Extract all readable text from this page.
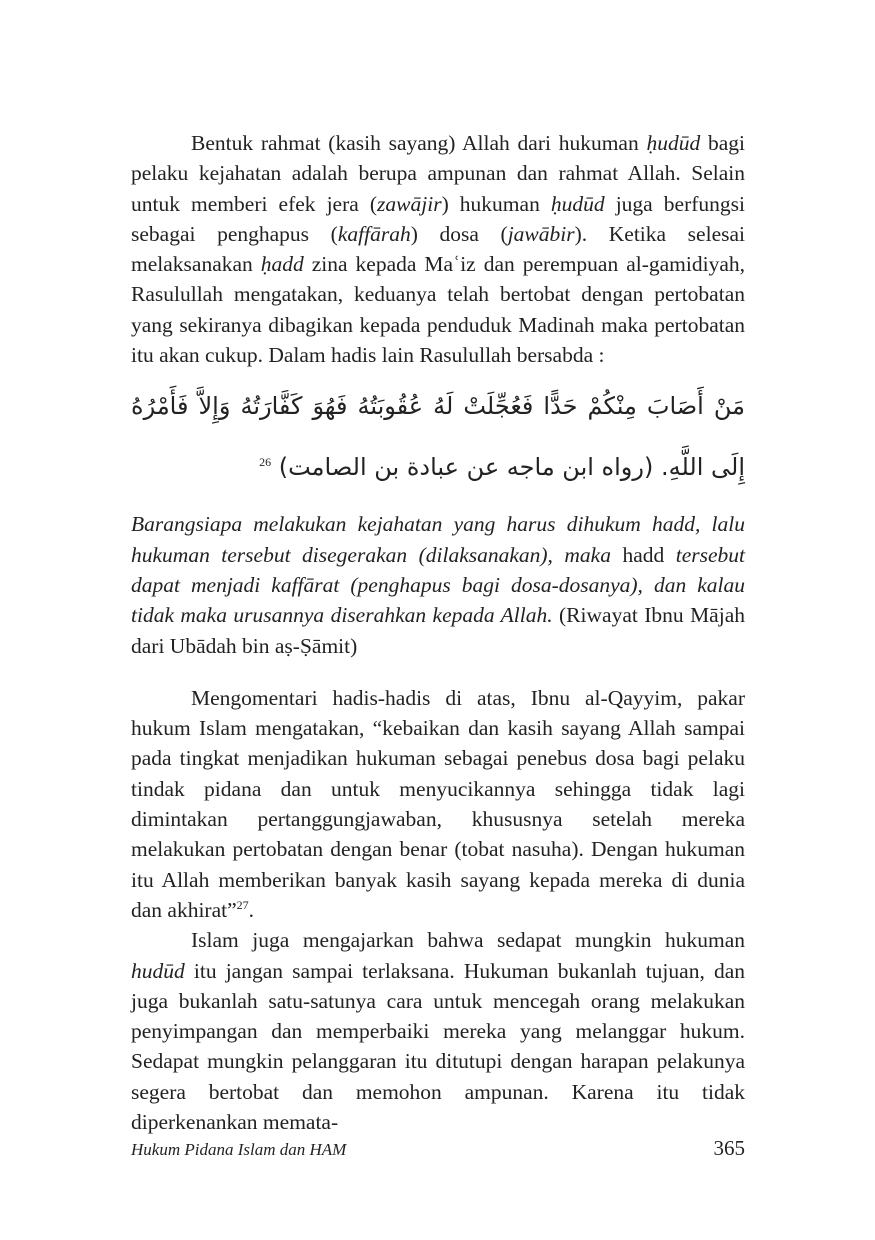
Bentuk rahmat (kasih sayang) Allah dari hukuman ḥudūd bagi pelaku kejahatan adalah berupa ampunan dan rahmat Allah. Selain untuk memberi efek jera (zawājir) hukuman ḥudūd juga berfungsi sebagai penghapus (kaffārah) dosa (jawābir). Ketika selesai melaksanakan ḥadd zina kepada Maʿiz dan perempuan al-gamidiyah, Rasulullah mengatakan, keduanya telah bertobat dengan pertobatan yang sekiranya dibagikan kepada penduduk Madinah maka pertobatan itu akan cukup. Dalam hadis lain Rasulullah bersabda :

مَنْ أَصَابَ مِنْكُمْ حَدًّا فَعُجِّلَتْ لَهُ عُقُوبَتُهُ فَهُوَ كَفَّارَتُهُ وَإِلاَّ فَأَمْرُهُ إِلَى اللَّهِ. (رواه ابن ماجه عن عبادة بن الصامت) $^{26}$

Barangsiapa melakukan kejahatan yang harus dihukum hadd, lalu hukuman tersebut disegerakan (dilaksanakan), maka hadd tersebut dapat menjadi kaffārat (penghapus bagi dosa-dosanya), dan kalau tidak maka urusannya diserahkan kepada Allah. (Riwayat Ibnu Mājah dari Ubādah bin aṣ-Ṣāmit)

Mengomentari hadis-hadis di atas, Ibnu al-Qayyim, pakar hukum Islam mengatakan, “kebaikan dan kasih sayang Allah sampai pada tingkat menjadikan hukuman sebagai penebus dosa bagi pelaku tindak pidana dan untuk menyucikannya sehingga tidak lagi dimintakan pertanggungjawaban, khususnya setelah mereka melakukan pertobatan dengan benar (tobat nasuha). Dengan hukuman itu Allah memberikan banyak kasih sayang kepada mereka di dunia dan akhirat”$^{27}$.

Islam juga mengajarkan bahwa sedapat mungkin hukuman hudūd itu jangan sampai terlaksana. Hukuman bukanlah tujuan, dan juga bukanlah satu-satunya cara untuk mencegah orang melakukan penyimpangan dan memperbaiki mereka yang melanggar hukum. Sedapat mungkin pelanggaran itu ditutupi dengan harapan pelakunya segera bertobat dan memohon ampunan. Karena itu tidak diperkenankan memata-

Hukum Pidana Islam dan HAM	365
